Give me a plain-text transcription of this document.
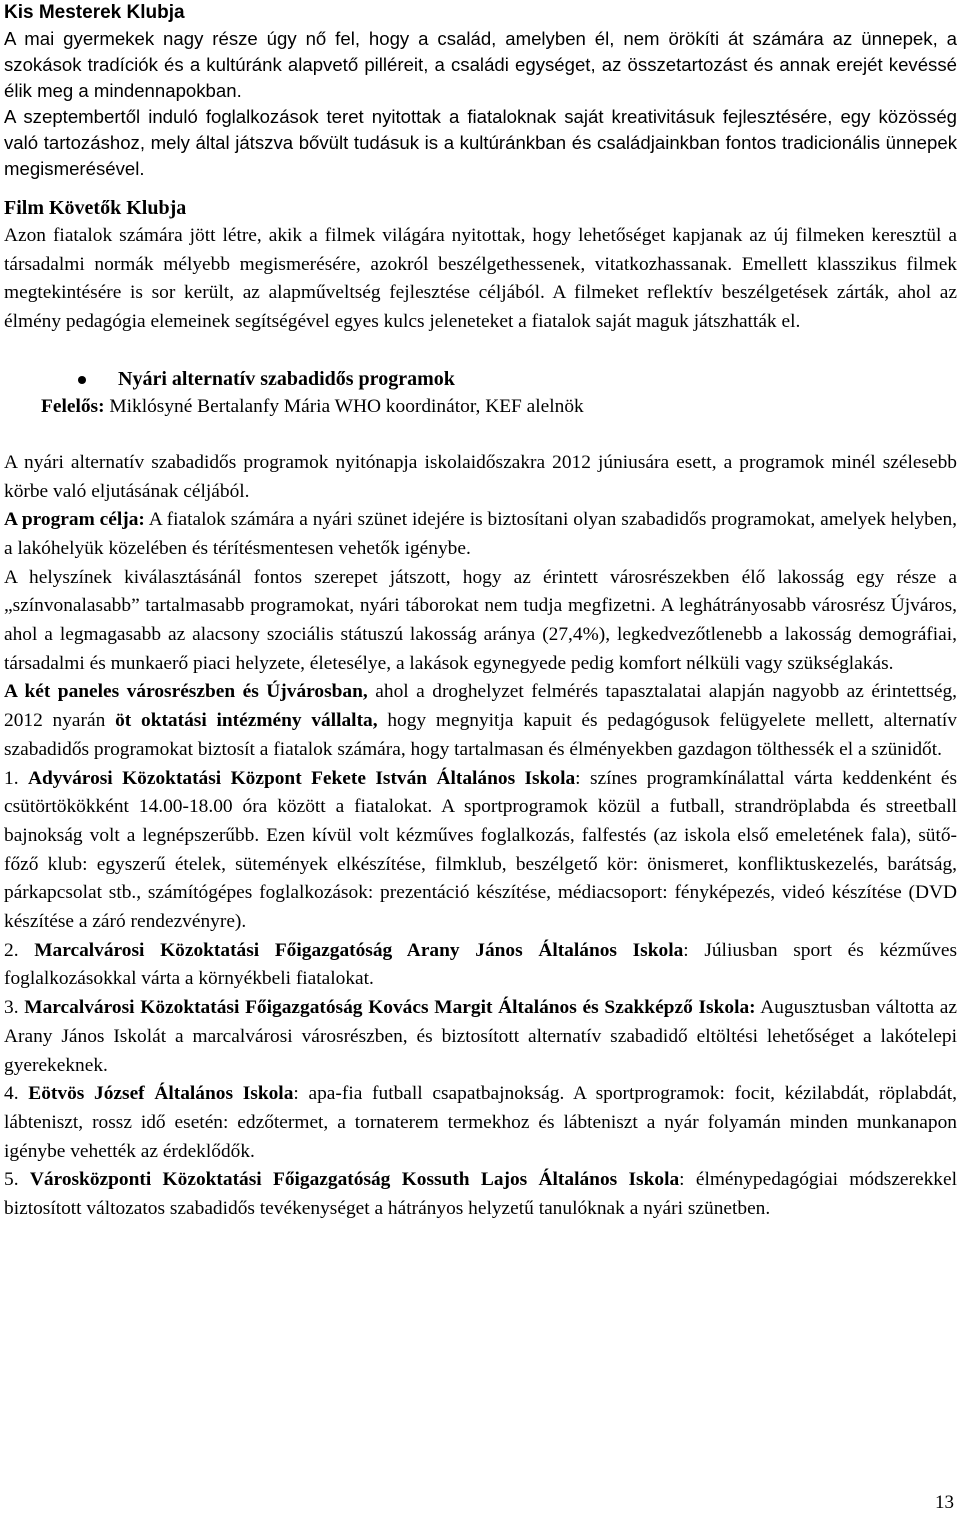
Kis Mesterek Klubja

A mai gyermekek nagy része úgy nő fel, hogy a család, amelyben él, nem örökíti át számára az ünnepek, a szokások tradíciók és a kultúránk alapvető pilléreit, a családi egységet, az összetartozást és annak erejét kevéssé élik meg a mindennapokban.

A szeptembertől induló foglalkozások teret nyitottak a fiataloknak saját kreativitásuk fejlesztésére, egy közösség való tartozáshoz, mely által játszva bővült tudásuk is a kultúránkban és családjainkban fontos tradicionális ünnepek megismerésével.

Film Követők Klubja

Azon fiatalok számára jött létre, akik a filmek világára nyitottak, hogy lehetőséget kapjanak az új filmeken keresztül a társadalmi normák mélyebb megismerésére, azokról beszélgethessenek, vitatkozhassanak. Emellett klasszikus filmek megtekintésére is sor került, az alapműveltség fejlesztése céljából. A filmeket reflektív beszélgetések zárták, ahol az élmény pedagógia elemeinek segítségével egyes kulcs jeleneteket a fiatalok saját maguk játszhatták el.

Nyári alternatív szabadidős programok
Felelős: Miklósyné Bertalanfy Mária WHO koordinátor, KEF alelnök

A nyári alternatív szabadidős programok nyitónapja iskolaidőszakra 2012 júniusára esett, a programok minél szélesebb körbe való eljutásának céljából.

A program célja: A fiatalok számára a nyári szünet idejére is biztosítani olyan szabadidős programokat, amelyek helyben, a lakóhelyük közelében és térítésmentesen vehetők igénybe.

A helyszínek kiválasztásánál fontos szerepet játszott, hogy az érintett városrészekben élő lakosság egy része a „színvonalasabb” tartalmasabb programokat, nyári táborokat nem tudja megfizetni. A leghátrányosabb városrész Újváros, ahol a legmagasabb az alacsony szociális státuszú lakosság aránya (27,4%), legkedvezőtlenebb a lakosság demográfiai, társadalmi és munkaerő piaci helyzete, életesélye, a lakások egynegyede pedig komfort nélküli vagy szükséglakás.

A két paneles városrészben és Újvárosban, ahol a droghelyzet felmérés tapasztalatai alapján nagyobb az érintettség, 2012 nyarán öt oktatási intézmény vállalta, hogy megnyitja kapuit és pedagógusok felügyelete mellett, alternatív szabadidős programokat biztosít a fiatalok számára, hogy tartalmasan és élményekben gazdagon tölthessék el a szünidőt.

1. Adyvárosi Közoktatási Központ Fekete István Általános Iskola: színes programkínálattal várta keddenként és csütörtökökként 14.00-18.00 óra között a fiatalokat. A sportprogramok közül a futball, strandröplabda és streetball bajnokság volt a legnépszerűbb. Ezen kívül volt kézműves foglalkozás, falfestés (az iskola első emeletének fala), sütő-főző klub: egyszerű ételek, sütemények elkészítése, filmklub, beszélgető kör: önismeret, konfliktuskezelés, barátság, párkapcsolat stb., számítógépes foglalkozások: prezentáció készítése, médiacsoport: fényképezés, videó készítése (DVD készítése a záró rendezvényre).

2. Marcalvárosi Közoktatási Főigazgatóság Arany János Általános Iskola: Júliusban sport és kézműves foglalkozásokkal várta a környékbeli fiatalokat.

3. Marcalvárosi Közoktatási Főigazgatóság Kovács Margit Általános és Szakképző Iskola: Augusztusban váltotta az Arany János Iskolát a marcalvárosi városrészben, és biztosított alternatív szabadidő eltöltési lehetőséget a lakótelepi gyerekeknek.

4. Eötvös József Általános Iskola: apa-fia futball csapatbajnokság. A sportprogramok: focit, kézilabdát, röplabdát, lábteniszt, rossz idő esetén: edzőtermet, a tornaterem termekhoz és lábteniszt a nyár folyamán minden munkanapon igénybe vehették az érdeklődők.

5. Városközponti Közoktatási Főigazgatóság Kossuth Lajos Általános Iskola: élménypedagógiai módszerekkel biztosított változatos szabadidős tevékenységet a hátrányos helyzetű tanulóknak a nyári szünetben.

13
